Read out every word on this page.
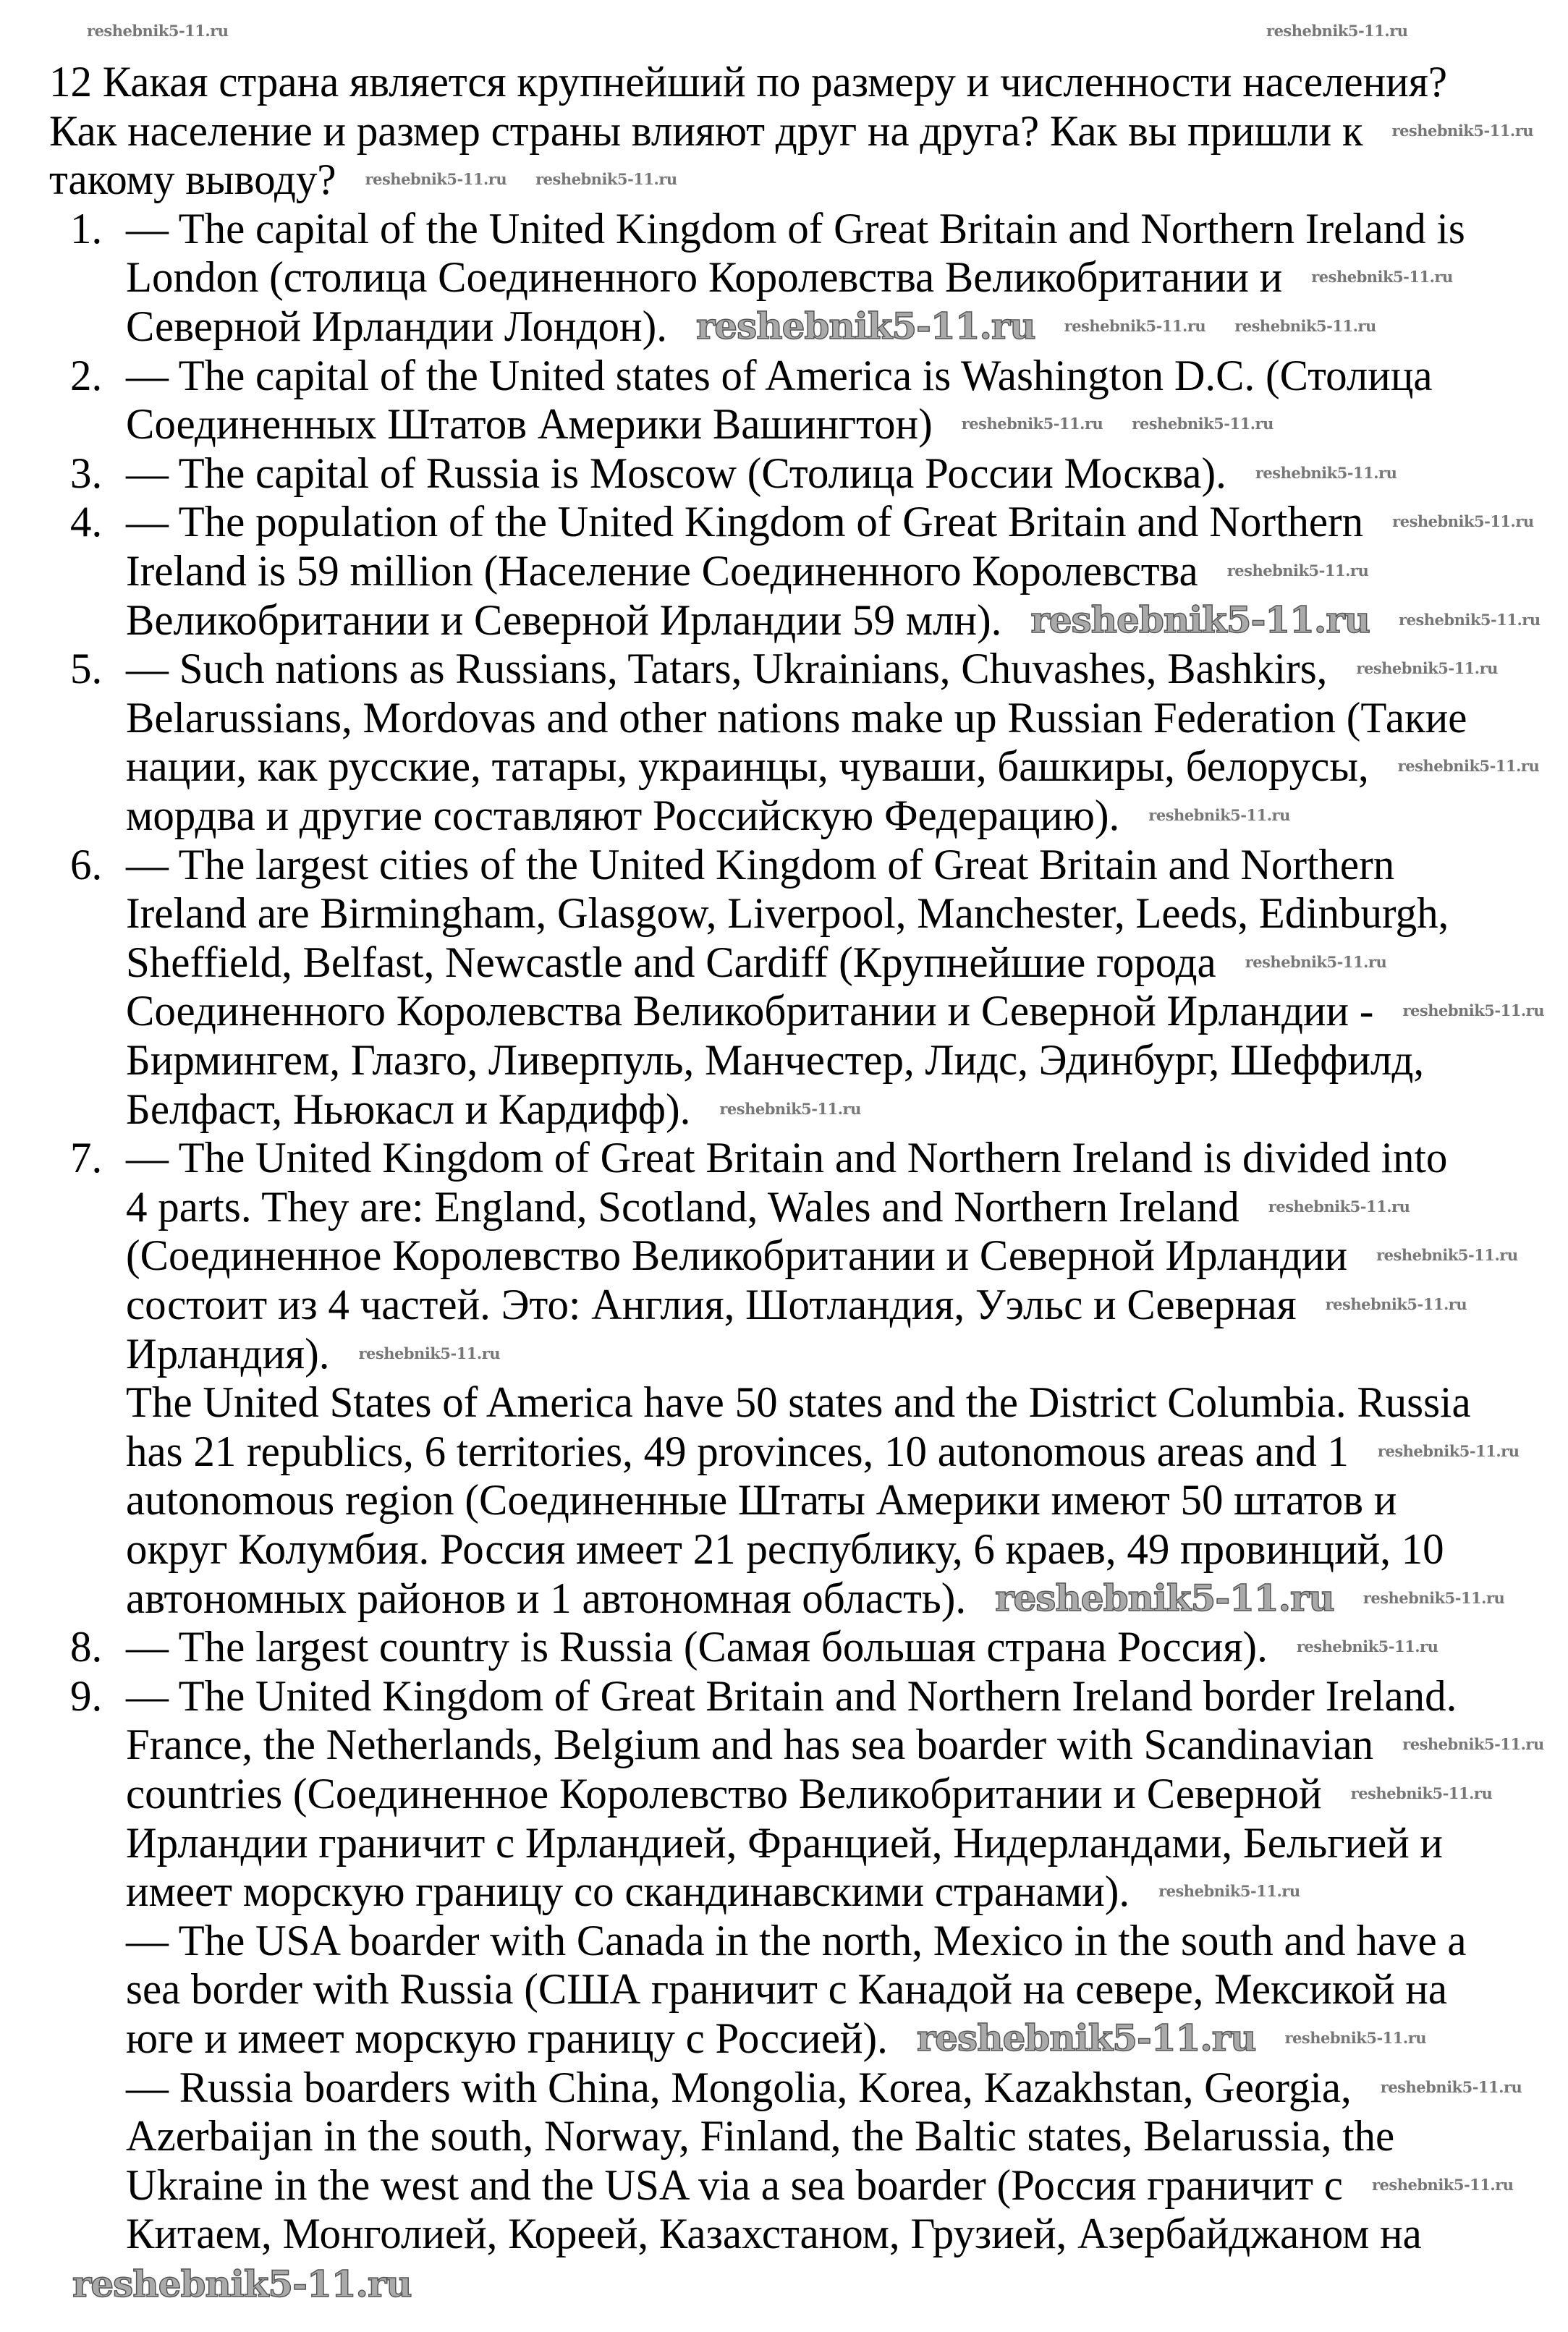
12 Какая страна является крупнейший по размеру и численности населения?
Как население и размер страны влияют друг на друга? Как вы пришли к
такому выводу?
1. — The capital of the United Kingdom of Great Britain and Northern Ireland is
London (столица Соединенного Королевства Великобритании и
Северной Ирландии Лондон).
2. — The capital of the United states of America is Washington D.C. (Столица
Соединенных Штатов Америки Вашингтон)
3. — The capital of Russia is Moscow (Столица России Москва).
4. — The population of the United Kingdom of Great Britain and Northern
Ireland is 59 million (Население Соединенного Королевства
Великобритании и Северной Ирландии 59 млн).
5. — Such nations as Russians, Tatars, Ukrainians, Chuvashes, Bashkirs,
Belarussians, Mordovas and other nations make up Russian Federation (Такие
нации, как русские, татары, украинцы, чуваши, башкиры, белорусы,
мордва и другие составляют Российскую Федерацию).
6. — The largest cities of the United Kingdom of Great Britain and Northern
Ireland are Birmingham, Glasgow, Liverpool, Manchester, Leeds, Edinburgh,
Sheffield, Belfast, Newcastle and Cardiff (Крупнейшие города
Соединенного Королевства Великобритании и Северной Ирландии -
Бирмингем, Глазго, Ливерпуль, Манчестер, Лидс, Эдинбург, Шеффилд,
Белфаст, Ньюкасл и Кардифф).
7. — The United Kingdom of Great Britain and Northern Ireland is divided into
4 parts. They are: England, Scotland, Wales and Northern Ireland
(Соединенное Королевство Великобритании и Северной Ирландии
состоит из 4 частей. Это: Англия, Шотландия, Уэльс и Северная
Ирландия).
The United States of America have 50 states and the District Columbia. Russia
has 21 republics, 6 territories, 49 provinces, 10 autonomous areas and 1
autonomous region (Соединенные Штаты Америки имеют 50 штатов и
округ Колумбия. Россия имеет 21 республику, 6 краев, 49 провинций, 10
автономных районов и 1 автономная область).
8. — The largest country is Russia (Самая большая страна Россия).
9. — The United Kingdom of Great Britain and Northern Ireland border Ireland.
France, the Netherlands, Belgium and has sea boarder with Scandinavian
countries (Соединенное Королевство Великобритании и Северной
Ирландии граничит с Ирландией, Францией, Нидерландами, Бельгией и
имеет морскую границу со скандинавскими странами).
— The USA boarder with Canada in the north, Mexico in the south and have a
sea border with Russia (США граничит с Канадой на севере, Мексикой на
юге и имеет морскую границу с Россией).
— Russia boarders with China, Mongolia, Korea, Kazakhstan, Georgia,
Azerbaijan in the south, Norway, Finland, the Baltic states, Belarussia, the
Ukraine in the west and the USA via a sea boarder (Россия граничит с
Китаем, Монголией, Кореей, Казахстаном, Грузией, Азербайджаном на
reshebnik5-11.ru	reshebnik5-11.ru
reshebnik5-11.ru
reshebnik5-11.ru
reshebnik5-11.ru
reshebnik5-11.ru
reshebnik5-11.ru
reshebnik5-11.ru
reshebnik5-11.ru
reshebnik5-11.ru
reshebnik5-11.ru
reshebnik5-11.ru
reshebnik5-11.ru
reshebnik5-11.ru
reshebnik5-11.ru
reshebnik5-11.ru
reshebnik5-11.ru
reshebnik5-11.ru
reshebnik5-11.ru
reshebnik5-11.ru
reshebnik5-11.ru
reshebnik5-11.ru
reshebnik5-11.ru
reshebnik5-11.ru
reshebnik5-11.ru
reshebnik5-11.ru
reshebnik5-11.ru
reshebnik5-11.ru
reshebnik5-11.ru
reshebnik5-11.ru
reshebnik5-11.ru
reshebnik5-11.ru
reshebnik5-11.ru
reshebnik5-11.ru
reshebnik5-11.ru
reshebnik5-11.ru
reshebnik5-11.ru
reshebnik5-11.ru
